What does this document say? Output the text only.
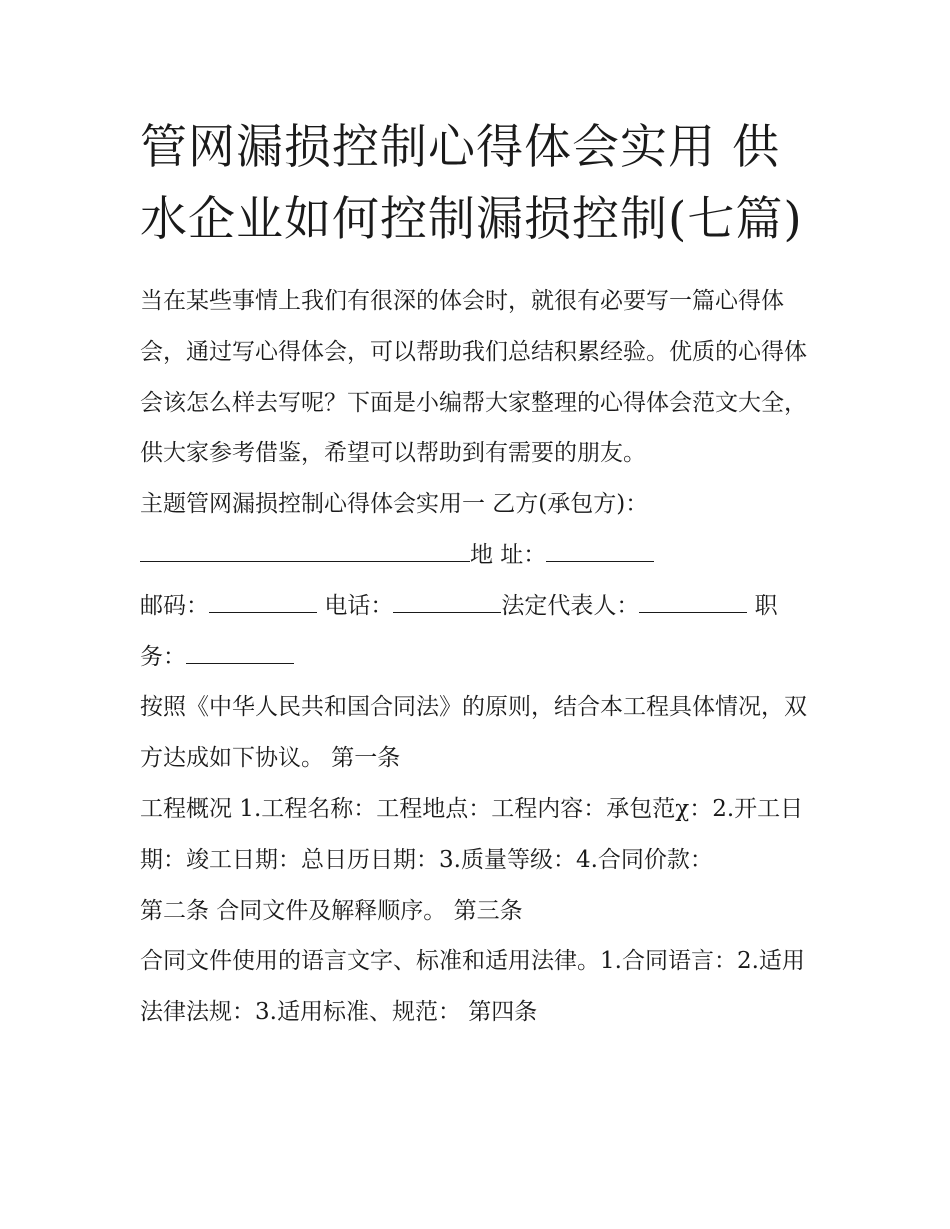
管网漏损控制心得体会实用 供水企业如何控制漏损控制(七篇)

当在某些事情上我们有很深的体会时，就很有必要写一篇心得体会，通过写心得体会，可以帮助我们总结积累经验。优质的心得体会该怎么样去写呢？下面是小编帮大家整理的心得体会范文大全，供大家参考借鉴，希望可以帮助到有需要的朋友。

主题管网漏损控制心得体会实用一 乙方(承包方)：

地 址：

邮码：	电话：	法定代表人：	职务：

按照《中华人民共和国合同法》的原则，结合本工程具体情况，双方达成如下协议。 第一条

工程概况 1.工程名称：工程地点：工程内容：承包范χ：2.开工日期：竣工日期：总日历日期：3.质量等级：4.合同价款：

第二条 合同文件及解释顺序。 第三条

合同文件使用的语言文字、标准和适用法律。1.合同语言：2.适用法律法规：3.适用标准、规范： 第四条
